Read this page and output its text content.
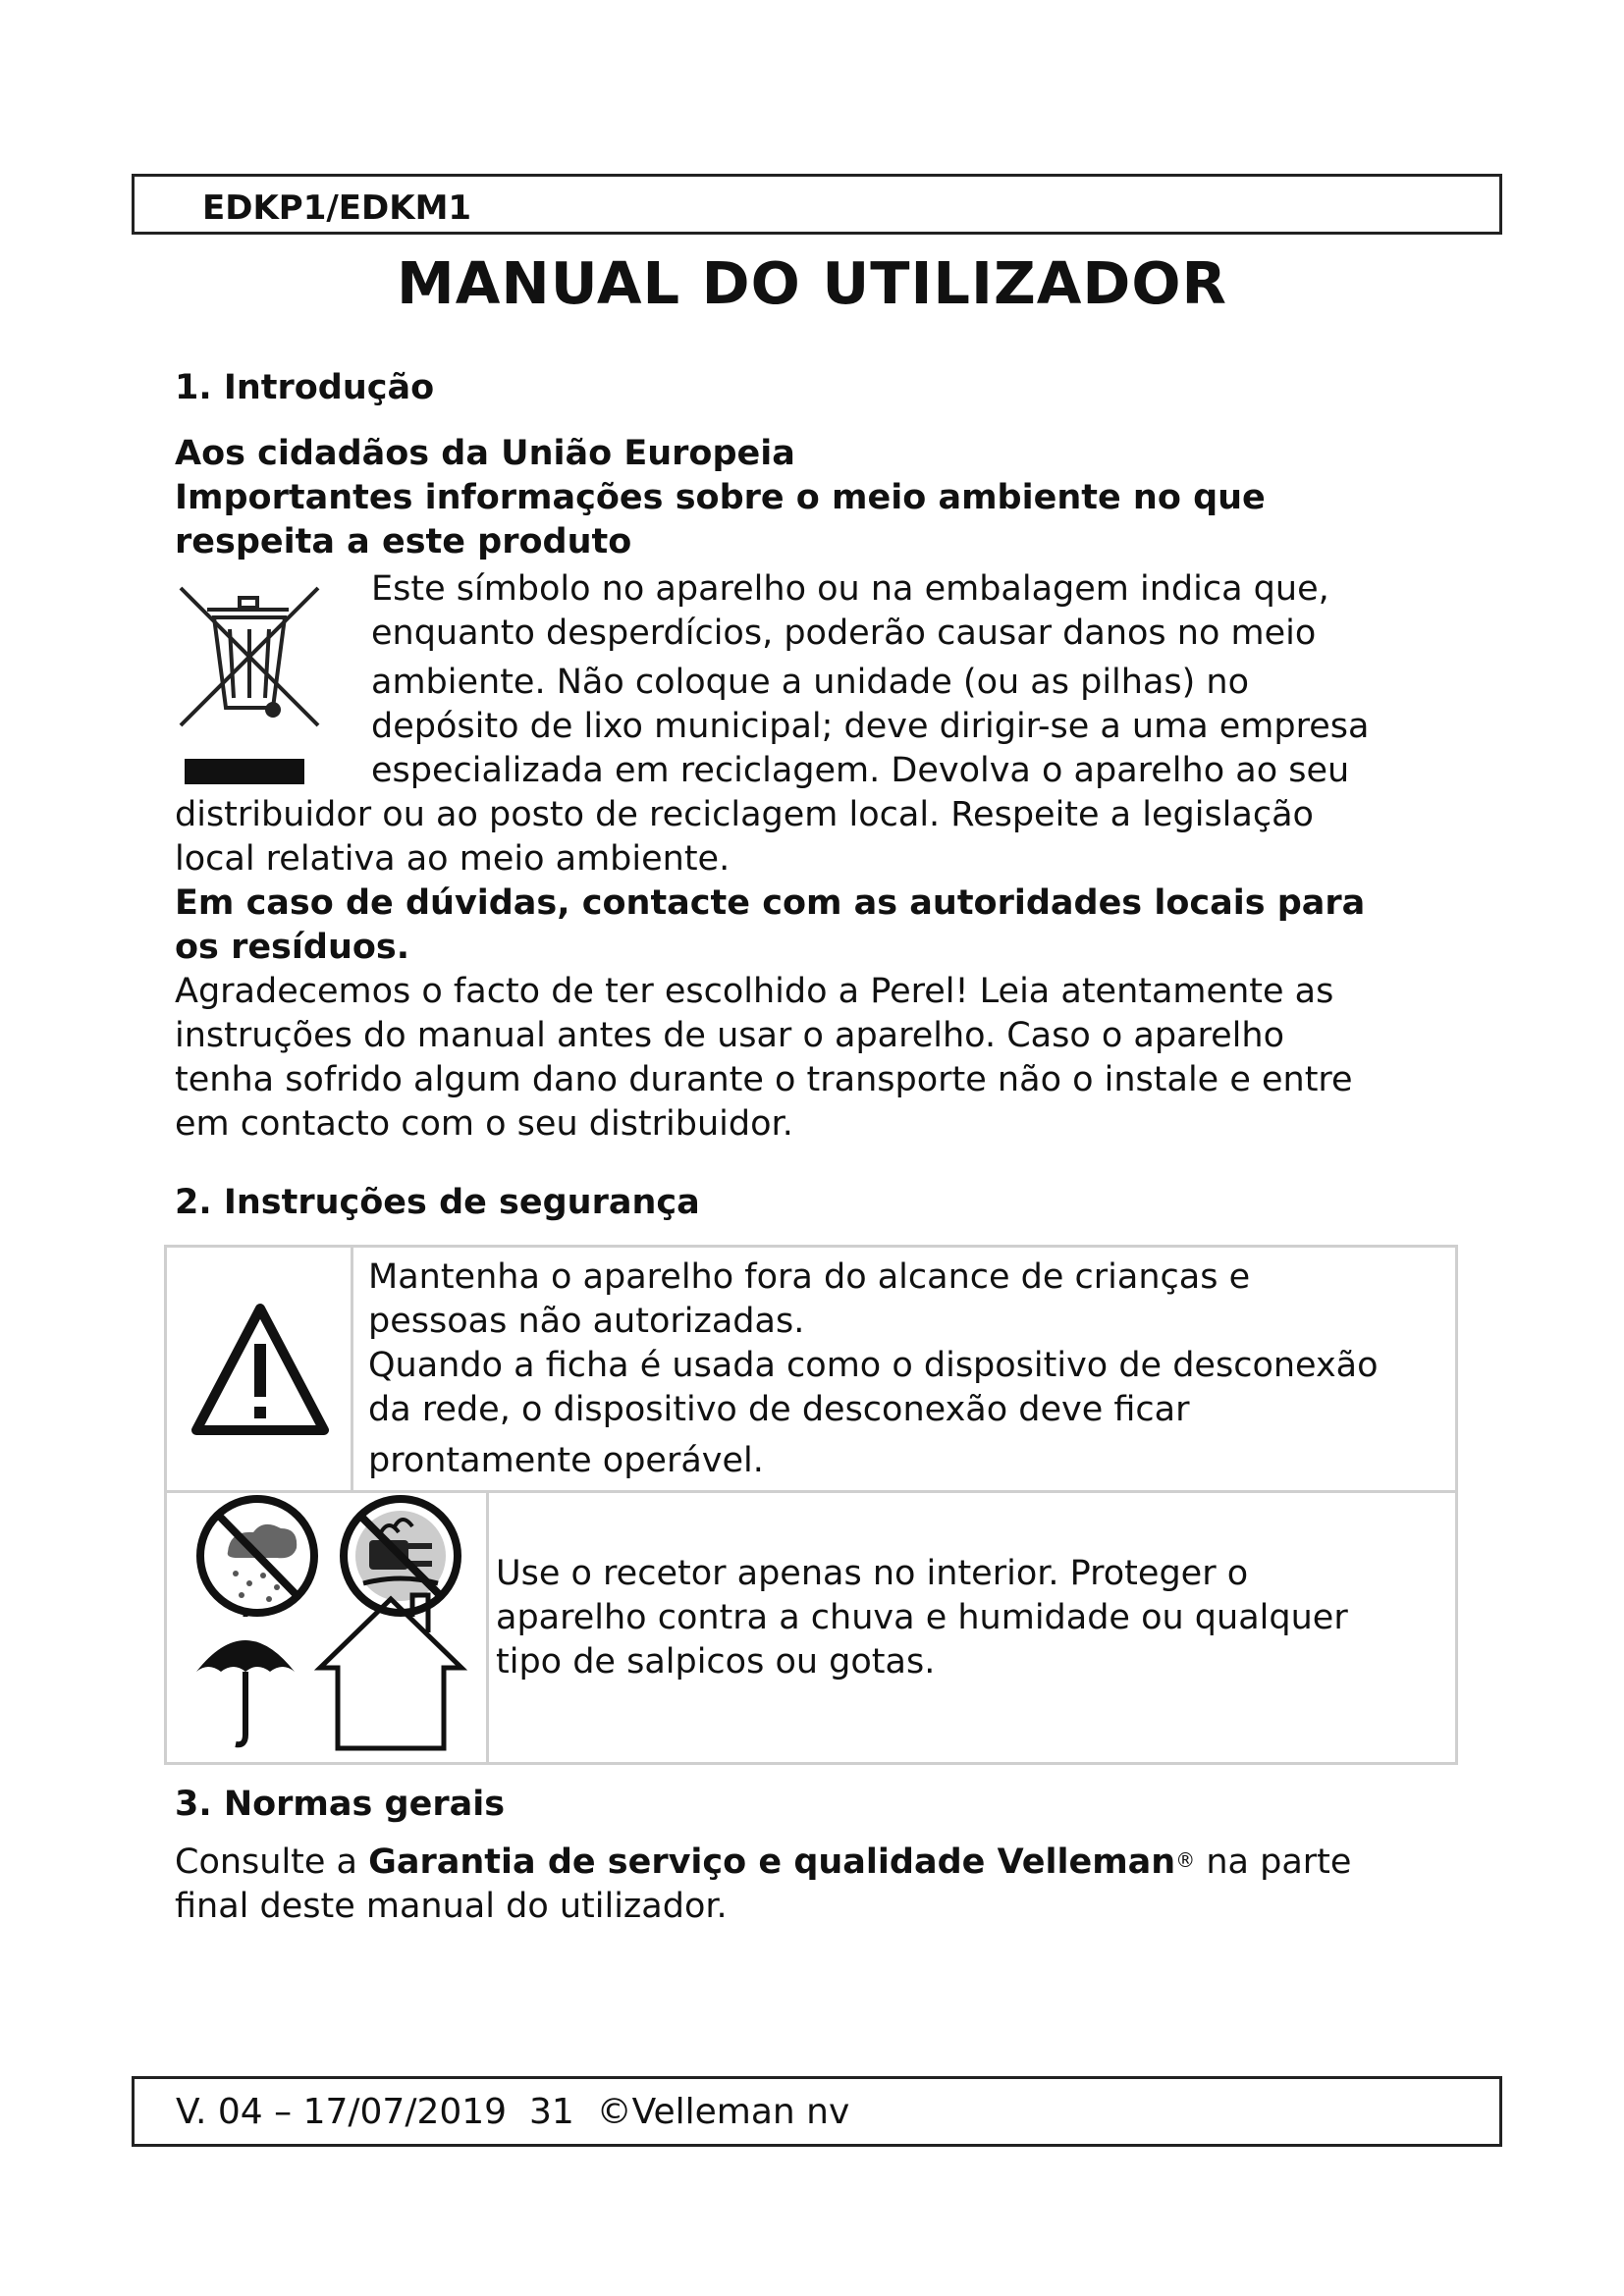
EDKP1/EDKM1
MANUAL DO UTILIZADOR
1. Introdução
Aos cidadãos da União Europeia
Importantes informações sobre o meio ambiente no que
respeita a este produto
Este símbolo no aparelho ou na embalagem indica que,
enquanto desperdícios, poderão causar danos no meio
ambiente. Não coloque a unidade (ou as pilhas) no
depósito de lixo municipal; deve dirigir-se a uma empresa
especializada em reciclagem. Devolva o aparelho ao seu
distribuidor ou ao posto de reciclagem local. Respeite a legislação
local relativa ao meio ambiente.
Em caso de dúvidas, contacte com as autoridades locais para
os resíduos.
Agradecemos o facto de ter escolhido a Perel! Leia atentamente as
instruções do manual antes de usar o aparelho. Caso o aparelho
tenha sofrido algum dano durante o transporte não o instale e entre
em contacto com o seu distribuidor.
2. Instruções de segurança
Mantenha o aparelho fora do alcance de crianças e
pessoas não autorizadas.
Quando a ficha é usada como o dispositivo de desconexão
da rede, o dispositivo de desconexão deve ficar
prontamente operável.
Use o recetor apenas no interior. Proteger o
aparelho contra a chuva e humidade ou qualquer
tipo de salpicos ou gotas.
3. Normas gerais
Consulte a Garantia de serviço e qualidade Velleman® na parte
final deste manual do utilizador.
V. 04 – 17/07/2019  31  ©Velleman nv
